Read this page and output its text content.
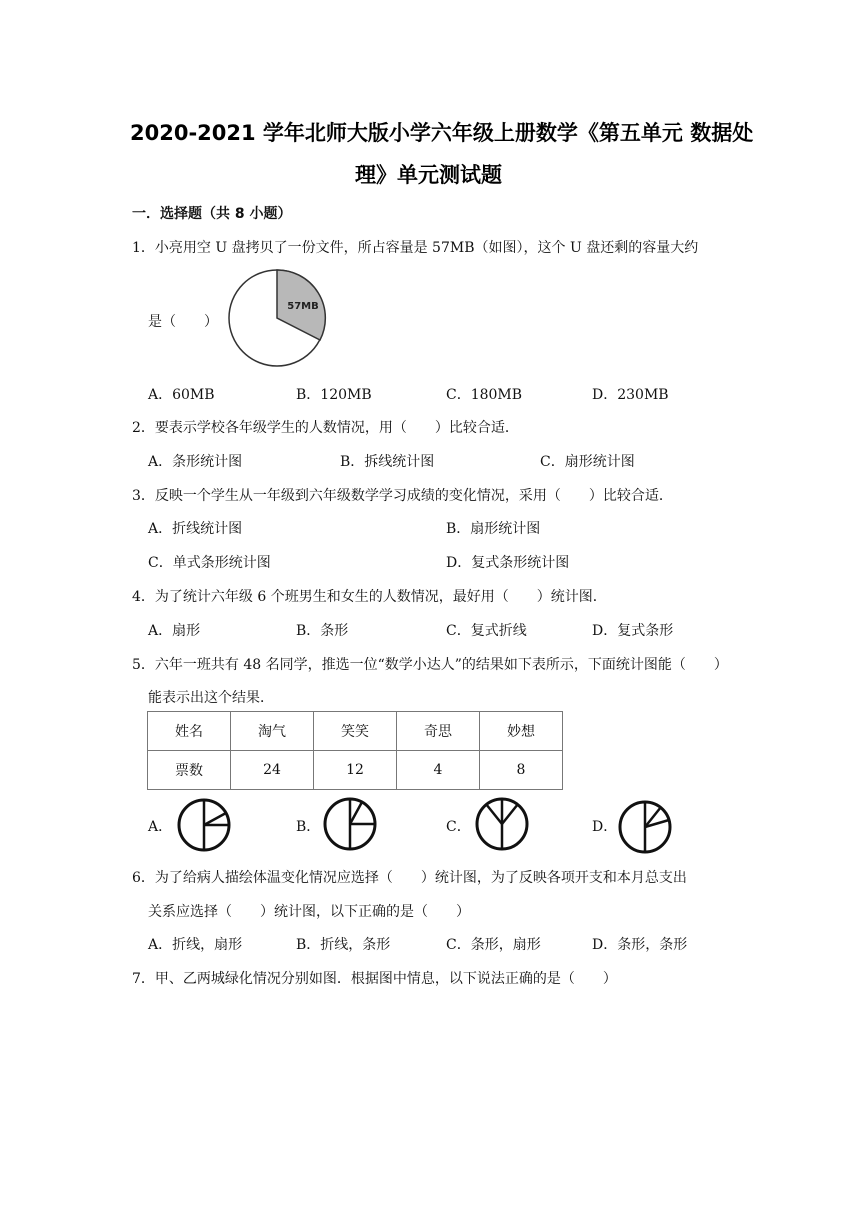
2020-2021 学年北师大版小学六年级上册数学《第五单元 数据处
理》单元测试题
一．选择题（共 8 小题）
1．小亮用空 U 盘拷贝了一份文件，所占容量是 57MB（如图），这个 U 盘还剩的容量大约
是（　　）
57MB
A．60MB	B．120MB	C．180MB	D．230MB
2．要表示学校各年级学生的人数情况，用（　　）比较合适．
A．条形统计图	B．拆线统计图	C．扇形统计图
3．反映一个学生从一年级到六年级数学学习成绩的变化情况，采用（　　）比较合适．
A．折线统计图	B．扇形统计图
C．单式条形统计图	D．复式条形统计图
4．为了统计六年级 6 个班男生和女生的人数情况，最好用（　　）统计图．
A．扇形	B．条形	C．复式折线	D．复式条形
5．六年一班共有 48 名同学，推选一位“数学小达人”的结果如下表所示，下面统计图能（　　）
能表示出这个结果．
姓名	淘气	笑笑	奇思	妙想
票数	24	12	4	8
A．	B．	C．	D．
6．为了给病人描绘体温变化情况应选择（　　）统计图，为了反映各项开支和本月总支出
关系应选择（　　）统计图，以下正确的是（　　）
A．折线，扇形	B．折线，条形	C．条形，扇形	D．条形，条形
7．甲、乙两城绿化情况分别如图．根据图中情息，以下说法正确的是（　　）
